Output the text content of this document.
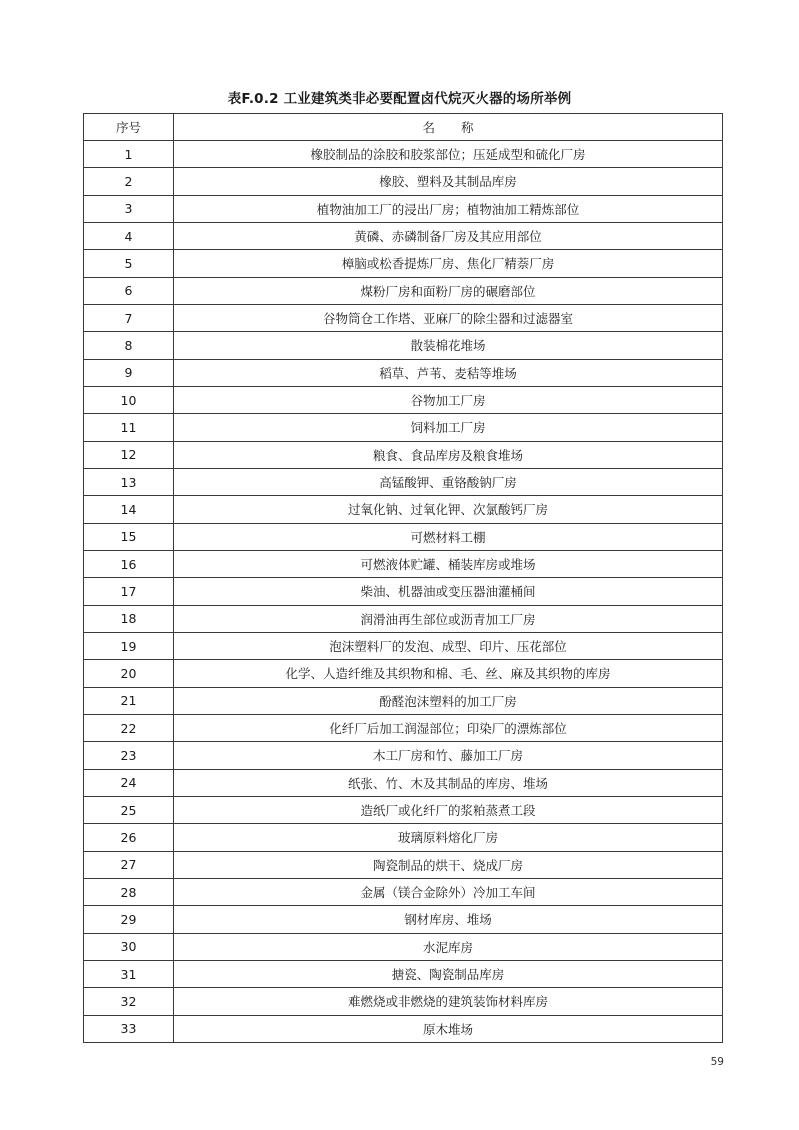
表F.0.2 工业建筑类非必要配置卤代烷灭火器的场所举例
序号	名称
1	橡胶制品的涂胶和胶浆部位；压延成型和硫化厂房
2	橡胶、塑料及其制品库房
3	植物油加工厂的浸出厂房；植物油加工精炼部位
4	黄磷、赤磷制备厂房及其应用部位
5	樟脑或松香提炼厂房、焦化厂精萘厂房
6	煤粉厂房和面粉厂房的碾磨部位
7	谷物筒仓工作塔、亚麻厂的除尘器和过滤器室
8	散装棉花堆场
9	稻草、芦苇、麦秸等堆场
10	谷物加工厂房
11	饲料加工厂房
12	粮食、食品库房及粮食堆场
13	高锰酸钾、重铬酸钠厂房
14	过氧化钠、过氧化钾、次氯酸钙厂房
15	可燃材料工棚
16	可燃液体贮罐、桶装库房或堆场
17	柴油、机器油或变压器油灌桶间
18	润滑油再生部位或沥青加工厂房
19	泡沫塑料厂的发泡、成型、印片、压花部位
20	化学、人造纤维及其织物和棉、毛、丝、麻及其织物的库房
21	酚醛泡沫塑料的加工厂房
22	化纤厂后加工润湿部位；印染厂的漂炼部位
23	木工厂房和竹、藤加工厂房
24	纸张、竹、木及其制品的库房、堆场
25	造纸厂或化纤厂的浆粕蒸煮工段
26	玻璃原料熔化厂房
27	陶瓷制品的烘干、烧成厂房
28	金属（镁合金除外）冷加工车间
29	钢材库房、堆场
30	水泥库房
31	搪瓷、陶瓷制品库房
32	难燃烧或非燃烧的建筑装饰材料库房
33	原木堆场
59
